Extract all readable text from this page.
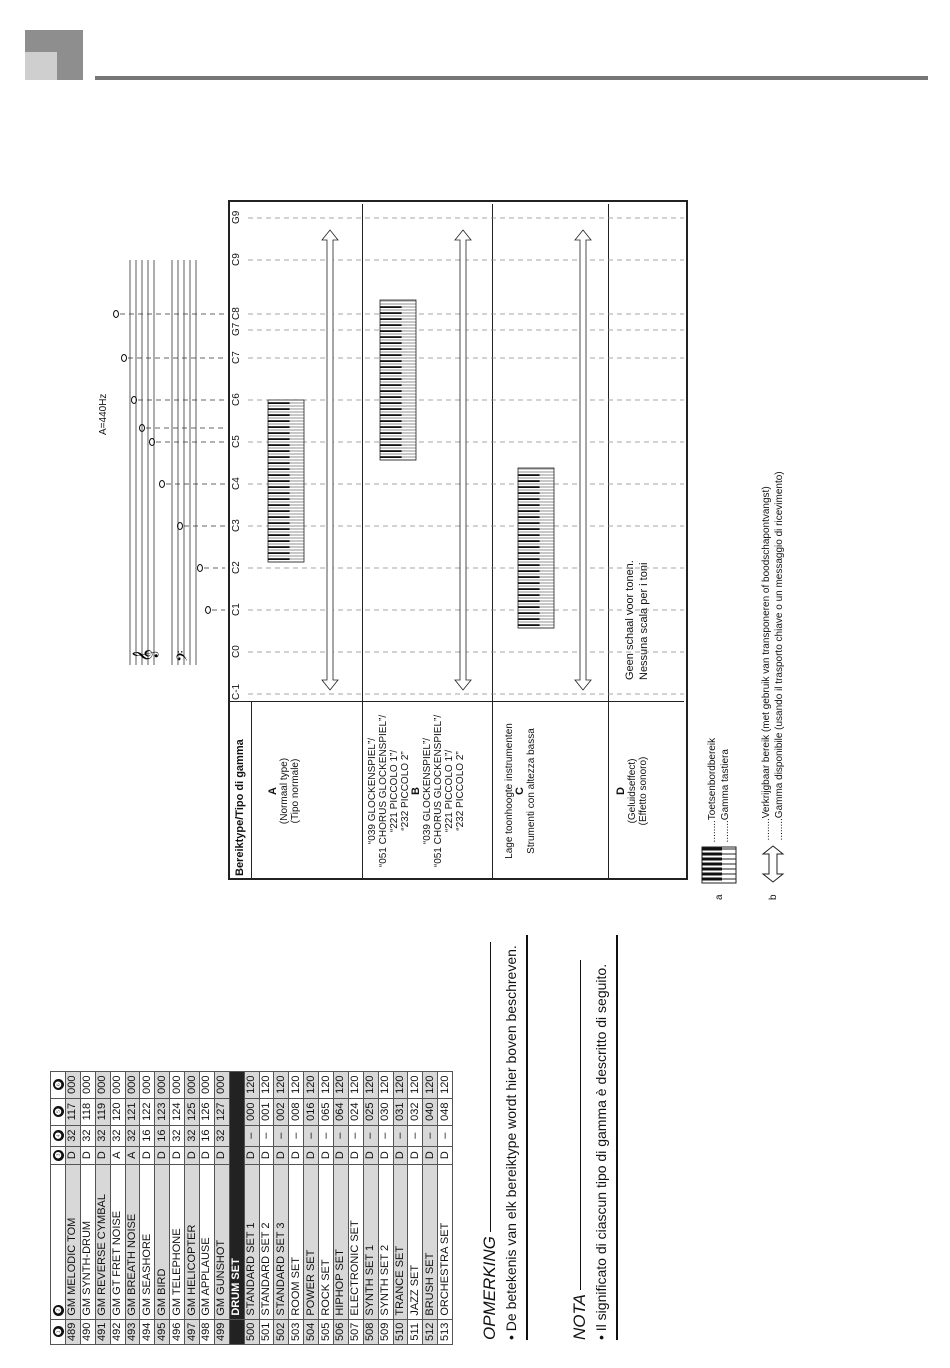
❶	❷	❸	❹	❺	❻
489	GM MELODIC TOM	D	32	117	000
490	GM SYNTH-DRUM	D	32	118	000
491	GM REVERSE CYMBAL	D	32	119	000
492	GM GT FRET NOISE	A	32	120	000
493	GM BREATH NOISE	A	32	121	000
494	GM SEASHORE	D	16	122	000
495	GM BIRD	D	16	123	000
496	GM TELEPHONE	D	32	124	000
497	GM HELICOPTER	D	32	125	000
498	GM APPLAUSE	D	16	126	000
499	GM GUNSHOT	D	32	127	000
	DRUM SET				
500	STANDARD SET 1	D	–	000	120
501	STANDARD SET 2	D	–	001	120
502	STANDARD SET 3	D	–	002	120
503	ROOM SET	D	–	008	120
504	POWER SET	D	–	016	120
505	ROCK SET	D	–	065	120
506	HIPHOP SET	D	–	064	120
507	ELECTRONIC SET	D	–	024	120
508	SYNTH SET 1	D	–	025	120
509	SYNTH SET 2	D	–	030	120
510	TRANCE SET	D	–	031	120
511	JAZZ SET	D	–	032	120
512	BRUSH SET	D	–	040	120
513	ORCHESTRA SET	D	–	048	120
OPMERKING • De betekenis van elk bereiktype wordt hier boven beschreven.	NOTA • Il significato di ciascun tipo di gamma è descritto di seguito.
Bereiktype/Tipo di gamma	A (Normaal type) (Tipo normale)	“039 GLOCKENSPIEL”/ “051 CHORUS GLOCKENSPIEL”/ “221 PICCOLO 1”/ “232 PICCOLO 2” B “039 GLOCKENSPIEL”/ “051 CHORUS GLOCKENSPIEL”/ “221 PICCOLO 1”/ “232 PICCOLO 2”	Lage toonhoogte instrumenten C Strumenti con altezza bassa	D (Geluidseffect) (Effetto sonoro)
Geen schaal voor tonen. Nessuna scala per i toni
C-1
C0
C1
C2
C3
C4
C5
C6
C7
G7
C8
C9
G9
𝄞 𝄢
A=440Hz
a
........Toetsenbordbereik ........Gamma tastiera
b
........Verkrijgbaar bereik (met gebruik van transponeren of boodschapontvangst) ........Gamma disponibile (usando il trasporto chiave o un messaggio di ricevimento)
